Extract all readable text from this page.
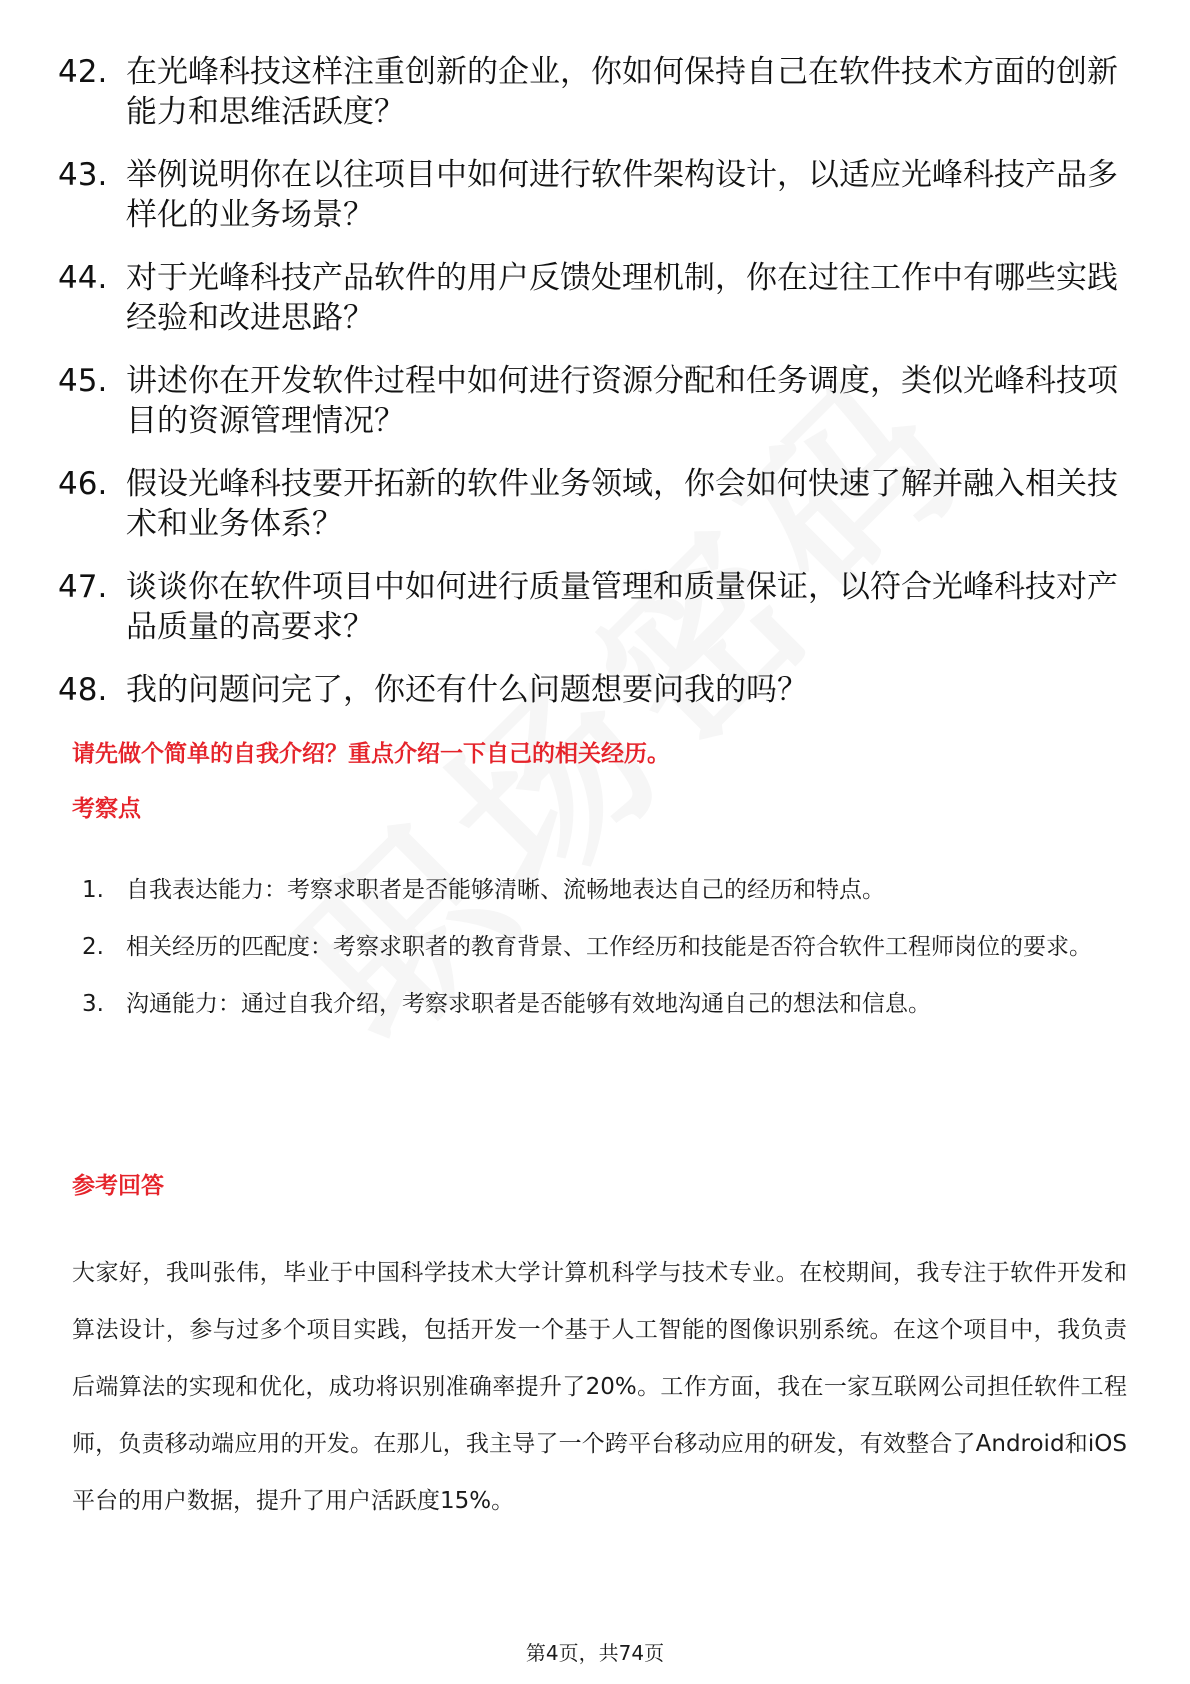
42. 在光峰科技这样注重创新的企业，你如何保持自己在软件技术方面的创新能力和思维活跃度？
43. 举例说明你在以往项目中如何进行软件架构设计，以适应光峰科技产品多样化的业务场景？
44. 对于光峰科技产品软件的用户反馈处理机制，你在过往工作中有哪些实践经验和改进思路？
45. 讲述你在开发软件过程中如何进行资源分配和任务调度，类似光峰科技项目的资源管理情况？
46. 假设光峰科技要开拓新的软件业务领域，你会如何快速了解并融入相关技术和业务体系？
47. 谈谈你在软件项目中如何进行质量管理和质量保证，以符合光峰科技对产品质量的高要求？
48. 我的问题问完了，你还有什么问题想要问我的吗？
请先做个简单的自我介绍？重点介绍一下自己的相关经历。
考察点
1. 自我表达能力：考察求职者是否能够清晰、流畅地表达自己的经历和特点。
2. 相关经历的匹配度：考察求职者的教育背景、工作经历和技能是否符合软件工程师岗位的要求。
3. 沟通能力：通过自我介绍，考察求职者是否能够有效地沟通自己的想法和信息。
参考回答
大家好，我叫张伟，毕业于中国科学技术大学计算机科学与技术专业。在校期间，我专注于软件开发和算法设计，参与过多个项目实践，包括开发一个基于人工智能的图像识别系统。在这个项目中，我负责后端算法的实现和优化，成功将识别准确率提升了20%。工作方面，我在一家互联网公司担任软件工程师，负责移动端应用的开发。在那儿，我主导了一个跨平台移动应用的研发，有效整合了Android和iOS平台的用户数据，提升了用户活跃度15%。
第4页，共74页
